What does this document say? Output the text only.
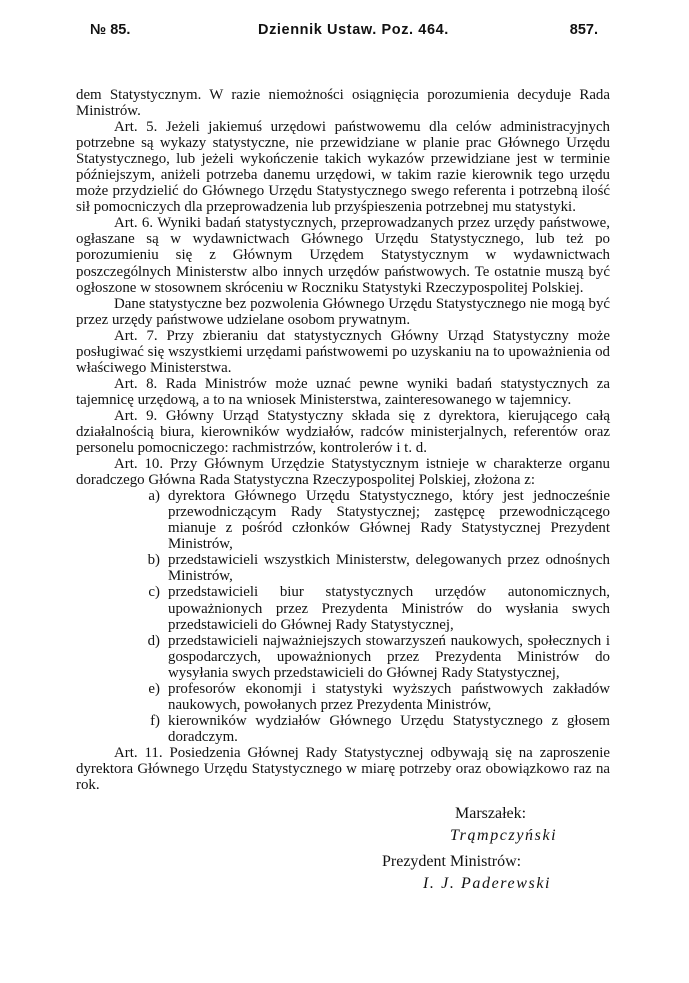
№ 85.	Dziennik Ustaw. Poz. 464.	857.

dem Statystycznym. W razie niemożności osiągnięcia porozumienia decyduje Rada Ministrów.

Art. 5. Jeżeli jakiemuś urzędowi państwowemu dla celów administracyjnych potrzebne są wykazy statystyczne, nie przewidziane w planie prac Głównego Urzędu Statystycznego, lub jeżeli wykończenie takich wykazów przewidziane jest w terminie późniejszym, aniżeli potrzeba danemu urzędowi, w takim razie kierownik tego urzędu może przydzielić do Głównego Urzędu Statystycznego swego referenta i potrzebną ilość sił pomocniczych dla przeprowadzenia lub przyśpieszenia potrzebnej mu statystyki.

Art. 6. Wyniki badań statystycznych, przeprowadzanych przez urzędy państwowe, ogłaszane są w wydawnictwach Głównego Urzędu Statystycznego, lub też po porozumieniu się z Głównym Urzędem Statystycznym w wydawnictwach poszczególnych Ministerstw albo innych urzędów państwowych. Te ostatnie muszą być ogłoszone w stosownem skróceniu w Roczniku Statystyki Rzeczypospolitej Polskiej.

Dane statystyczne bez pozwolenia Głównego Urzędu Statystycznego nie mogą być przez urzędy państwowe udzielane osobom prywatnym.

Art. 7. Przy zbieraniu dat statystycznych Główny Urząd Statystyczny może posługiwać się wszystkiemi urzędami państwowemi po uzyskaniu na to upoważnienia od właściwego Ministerstwa.

Art. 8. Rada Ministrów może uznać pewne wyniki badań statystycznych za tajemnicę urzędową, a to na wniosek Ministerstwa, zainteresowanego w tajemnicy.

Art. 9. Główny Urząd Statystyczny składa się z dyrektora, kierującego całą działalnością biura, kierowników wydziałów, radców ministerjalnych, referentów oraz personelu pomocniczego: rachmistrzów, kontrolerów i t. d.

Art. 10. Przy Głównym Urzędzie Statystycznym istnieje w charakterze organu doradczego Główna Rada Statystyczna Rzeczypospolitej Polskiej, złożona z:

a) dyrektora Głównego Urzędu Statystycznego, który jest jednocześnie przewodniczącym Rady Statystycznej; zastępcę przewodniczącego mianuje z pośród członków Głównej Rady Statystycznej Prezydent Ministrów,
b) przedstawicieli wszystkich Ministerstw, delegowanych przez odnośnych Ministrów,
c) przedstawicieli biur statystycznych urzędów autonomicznych, upoważnionych przez Prezydenta Ministrów do wysłania swych przedstawicieli do Głównej Rady Statystycznej,
d) przedstawicieli najważniejszych stowarzyszeń naukowych, społecznych i gospodarczych, upoważnionych przez Prezydenta Ministrów do wysyłania swych przedstawicieli do Głównej Rady Statystycznej,
e) profesorów ekonomji i statystyki wyższych państwowych zakładów naukowych, powołanych przez Prezydenta Ministrów,
f) kierowników wydziałów Głównego Urzędu Statystycznego z głosem doradczym.

Art. 11. Posiedzenia Głównej Rady Statystycznej odbywają się na zaproszenie dyrektora Głównego Urzędu Statystycznego w miarę potrzeby oraz obowiązkowo raz na rok.

Marszałek:
Trąmpczyński
Prezydent Ministrów:
I. J. Paderewski
